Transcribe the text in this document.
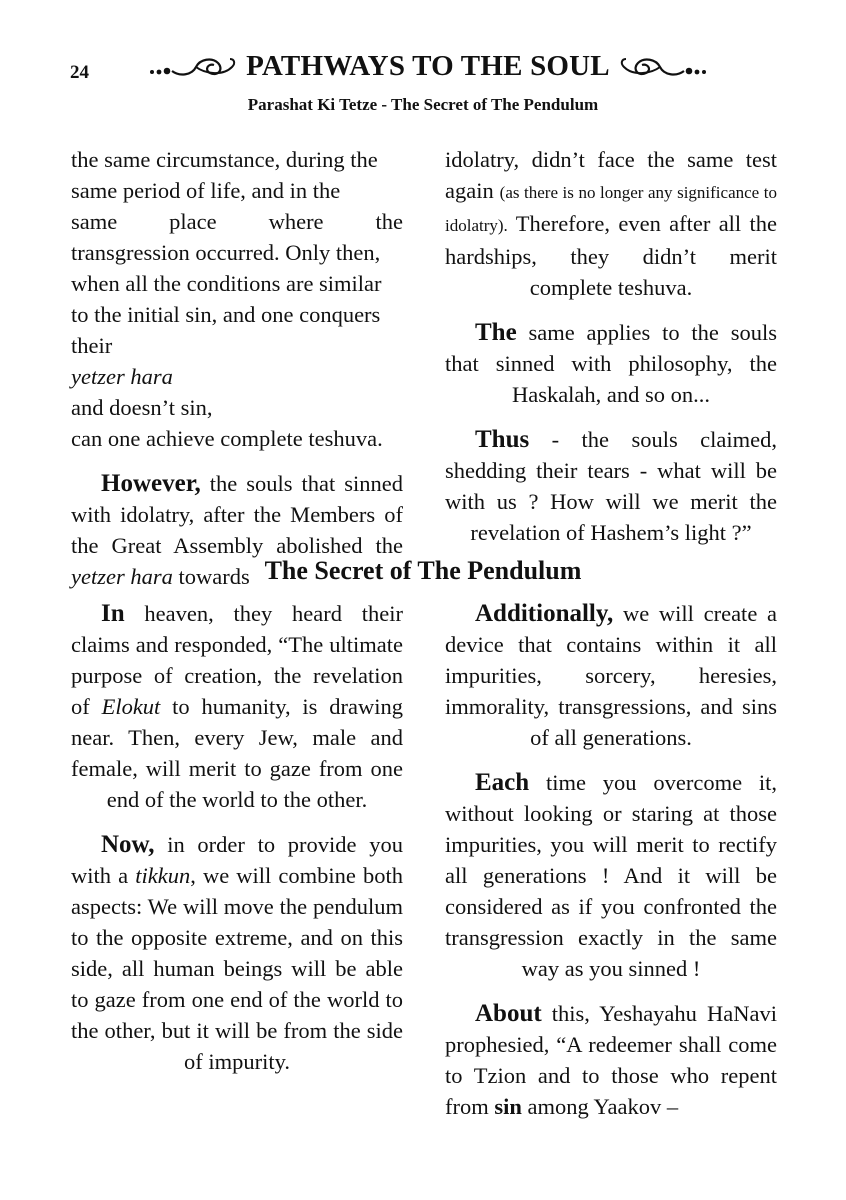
24	PATHWAYS TO THE SOUL
Parashat Ki Tetze - The Secret of The Pendulum

the same circumstance, during the
same period of life, and in the
same place where the
transgression occurred. Only then,
when all the conditions are similar
to the initial sin, and one conquers
their
yetzer hara
and doesn’t sin,
can one achieve complete teshuva.

However, the souls that sinned with idolatry, after the Members of the Great Assembly abolished the yetzer hara towards

idolatry, didn’t face the same test again (as there is no longer any significance to idolatry). Therefore, even after all the hardships, they didn’t merit complete teshuva.

The same applies to the souls that sinned with philosophy, the Haskalah, and so on...

Thus - the souls claimed, shedding their tears - what will be with us ? How will we merit the revelation of Hashem’s light ?”

The Secret of The Pendulum

In heaven, they heard their claims and responded, “The ultimate purpose of creation, the revelation of Elokut to humanity, is drawing near. Then, every Jew, male and female, will merit to gaze from one end of the world to the other.

Now, in order to provide you with a tikkun, we will combine both aspects: We will move the pendulum to the opposite extreme, and on this side, all human beings will be able to gaze from one end of the world to the other, but it will be from the side of impurity.

Additionally, we will create a device that contains within it all impurities, sorcery, heresies, immorality, transgressions, and sins of all generations.

Each time you overcome it, without looking or staring at those impurities, you will merit to rectify all generations ! And it will be considered as if you confronted the transgression exactly in the same way as you sinned !

About this, Yeshayahu HaNavi prophesied, “A redeemer shall come to Tzion and to those who repent from sin among Yaakov –
